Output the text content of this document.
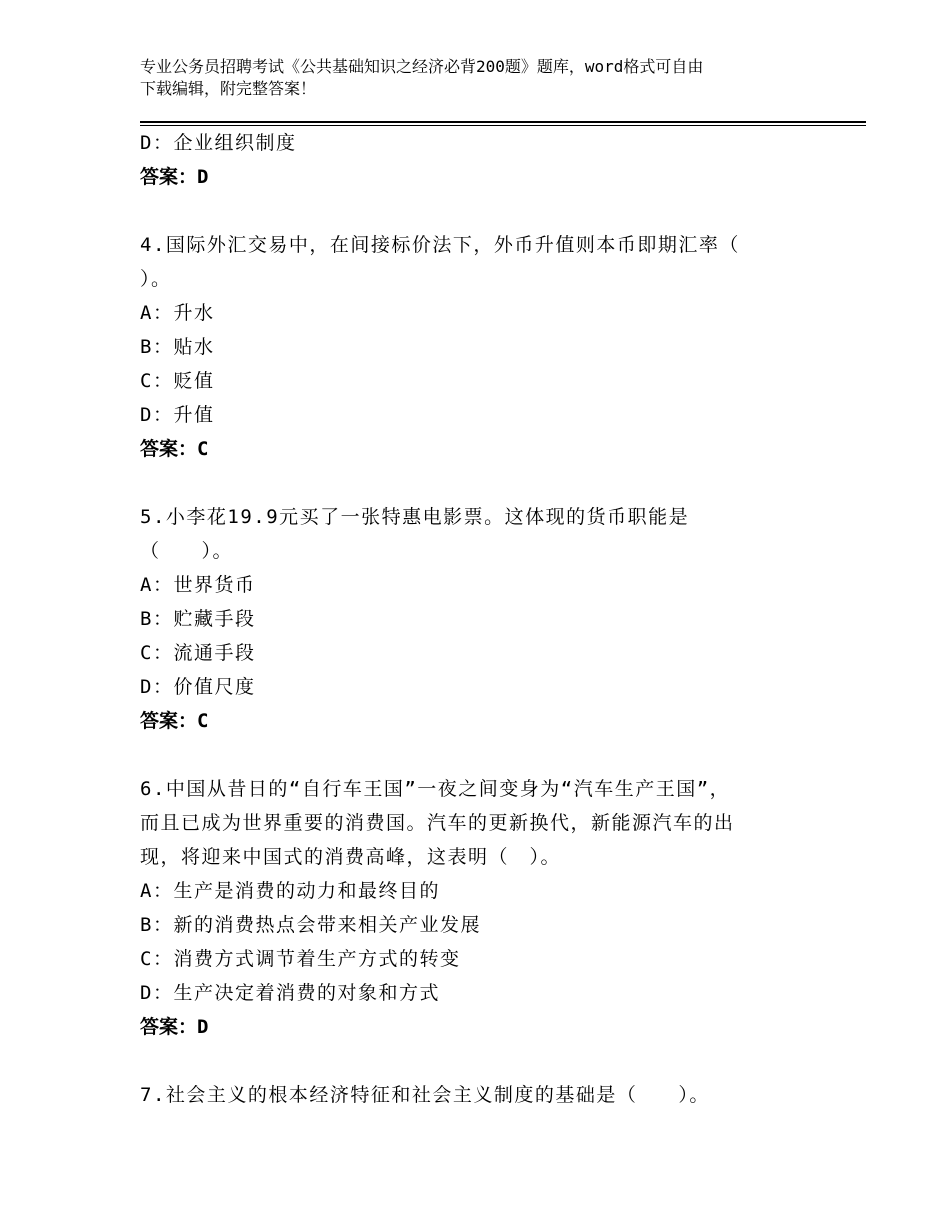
专业公务员招聘考试《公共基础知识之经济必背200题》题库，word格式可自由
下载编辑，附完整答案！
D：企业组织制度
答案：D
4.国际外汇交易中，在间接标价法下，外币升值则本币即期汇率（
）。
A：升水
B：贴水
C：贬值
D：升值
答案：C
5.小李花19.9元买了一张特惠电影票。这体现的货币职能是
（　　）。
A：世界货币
B：贮藏手段
C：流通手段
D：价值尺度
答案：C
6.中国从昔日的“自行车王国”一夜之间变身为“汽车生产王国”，
而且已成为世界重要的消费国。汽车的更新换代，新能源汽车的出
现，将迎来中国式的消费高峰，这表明（　）。
A：生产是消费的动力和最终目的
B：新的消费热点会带来相关产业发展
C：消费方式调节着生产方式的转变
D：生产决定着消费的对象和方式
答案：D
7.社会主义的根本经济特征和社会主义制度的基础是（　　）。
